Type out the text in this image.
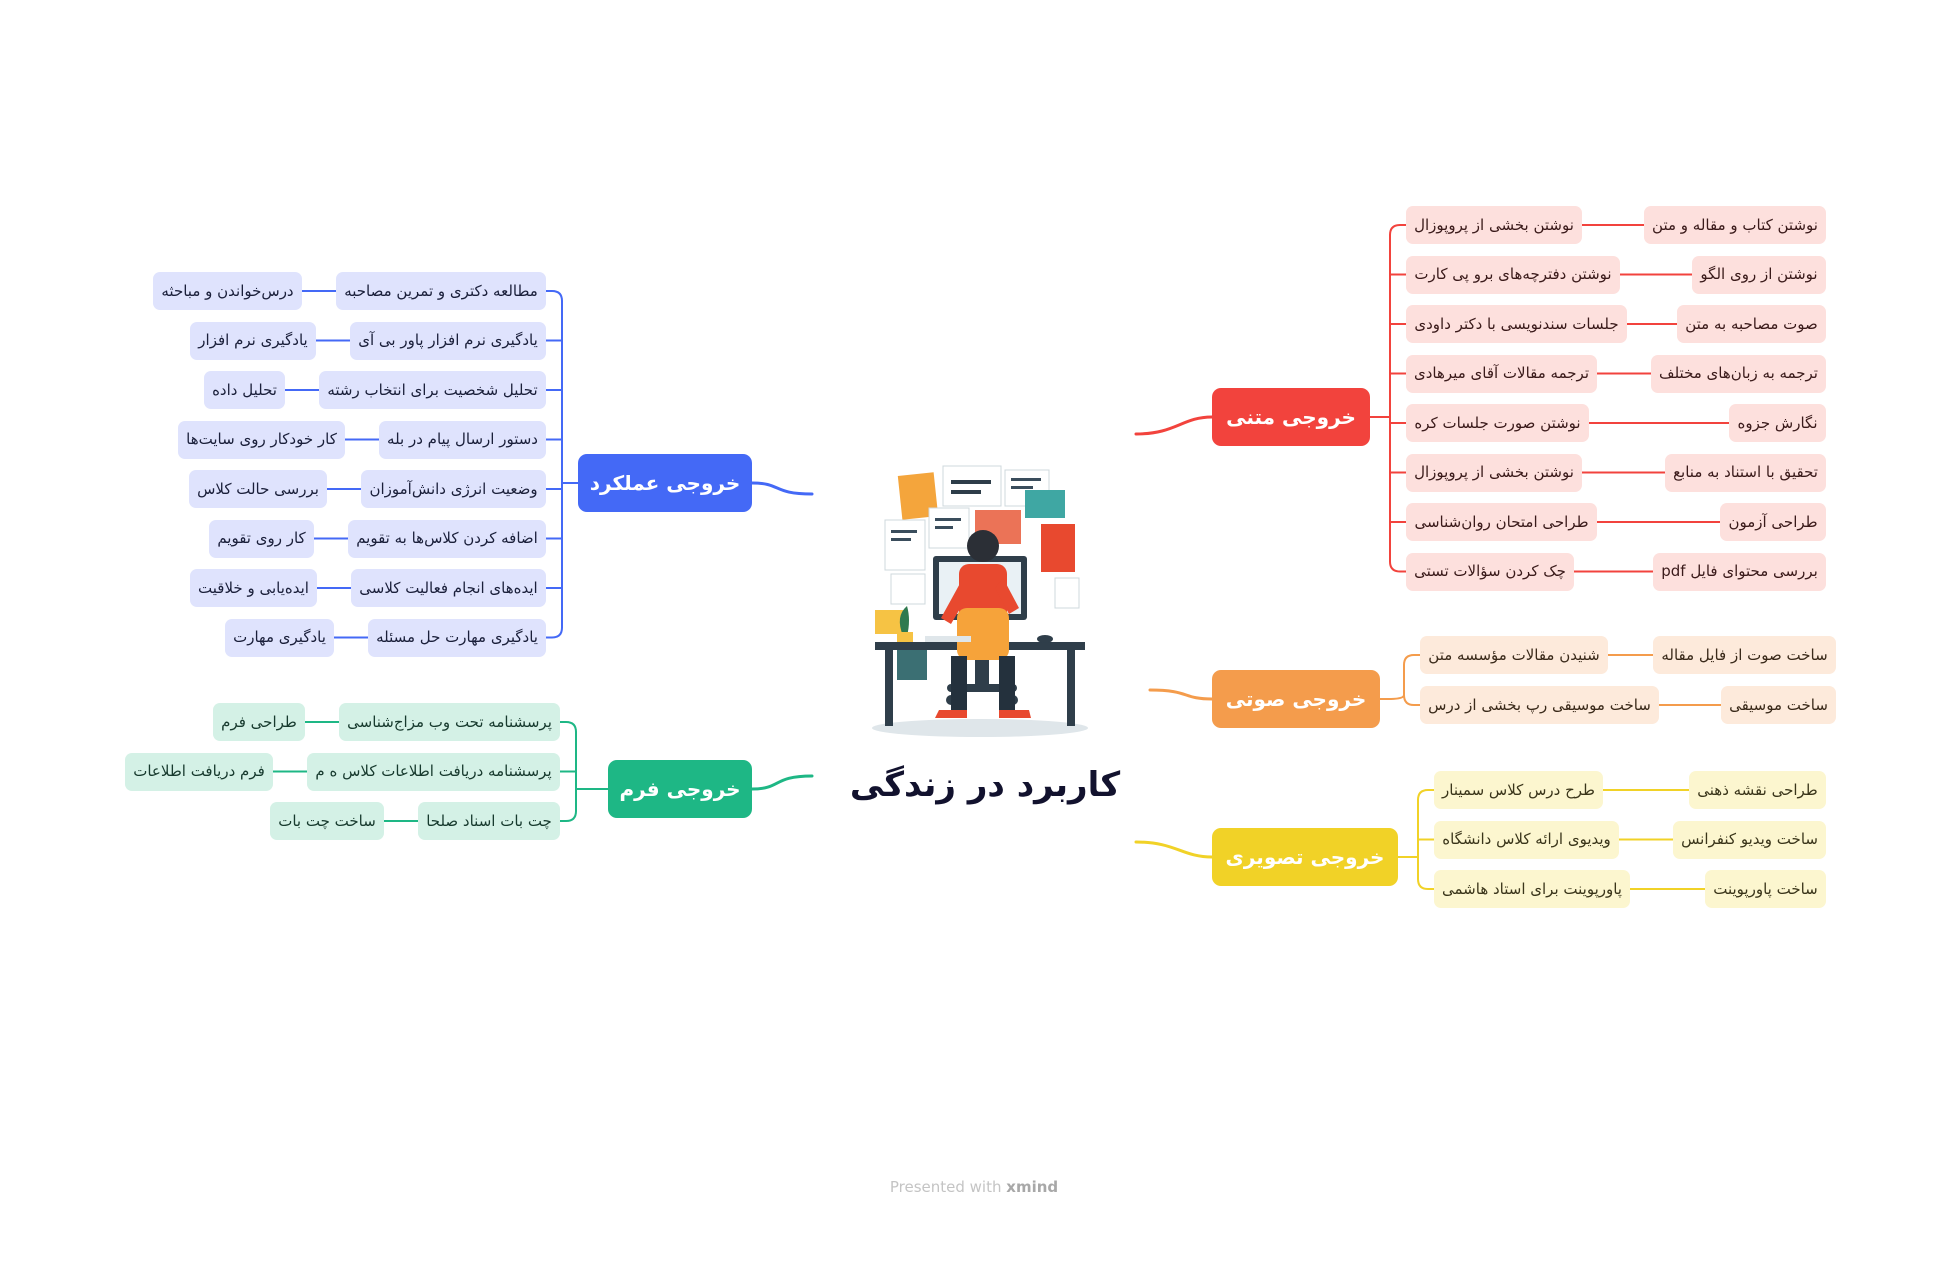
کاربرد در زندگی
خروجی متنی
نوشتن بخشی از پروپوزال	نوشتن کتاب و مقاله و متن
نوشتن دفترچه‌های برو پی کارت	نوشتن از روی الگو
جلسات سندنویسی با دکتر داودی	صوت مصاحبه به متن
ترجمه مقالات آقای میرهادی	ترجمه به زبان‌های مختلف
نوشتن صورت جلسات کره	نگارش جزوه
نوشتن بخشی از پروپوزال	تحقیق با استناد به منابع
طراحی امتحان روان‌شناسی	طراحی آزمون
چک کردن سؤالات تستی	بررسی محتوای فایل pdf
خروجی صوتی
شنیدن مقالات مؤسسه متن	ساخت صوت از فایل مقاله
ساخت موسیقی رپ بخشی از درس	ساخت موسیقی
خروجی تصویری
طرح درس کلاس سمینار	طراحی نقشه ذهنی
ویدیوی ارائه کلاس دانشگاه	ساخت ویدیو کنفرانس
پاورپوینت برای استاد هاشمی	ساخت پاورپوینت
خروجی عملکرد
مطالعه دکتری و تمرین مصاحبه
درس‌خواندن و مباحثه
یادگیری نرم افزار پاور بی آی
یادگیری نرم افزار
تحلیل شخصیت برای انتخاب رشته
تحلیل داده
دستور ارسال پیام در بله
کار خودکار روی سایت‌ها
وضعیت انرژی دانش‌آموزان
بررسی حالت کلاس
اضافه کردن کلاس‌ها به تقویم
کار روی تقویم
ایده‌های انجام فعالیت کلاسی
ایده‌یابی و خلاقیت
یادگیری مهارت حل مسئله
یادگیری مهارت
خروجی فرم
پرسشنامه تحت وب مزاج‌شناسی
طراحی فرم
پرسشنامه دریافت اطلاعات کلاس ه م
فرم دریافت اطلاعات
چت بات اسناد صلحا
ساخت چت بات
Presented with xmind
